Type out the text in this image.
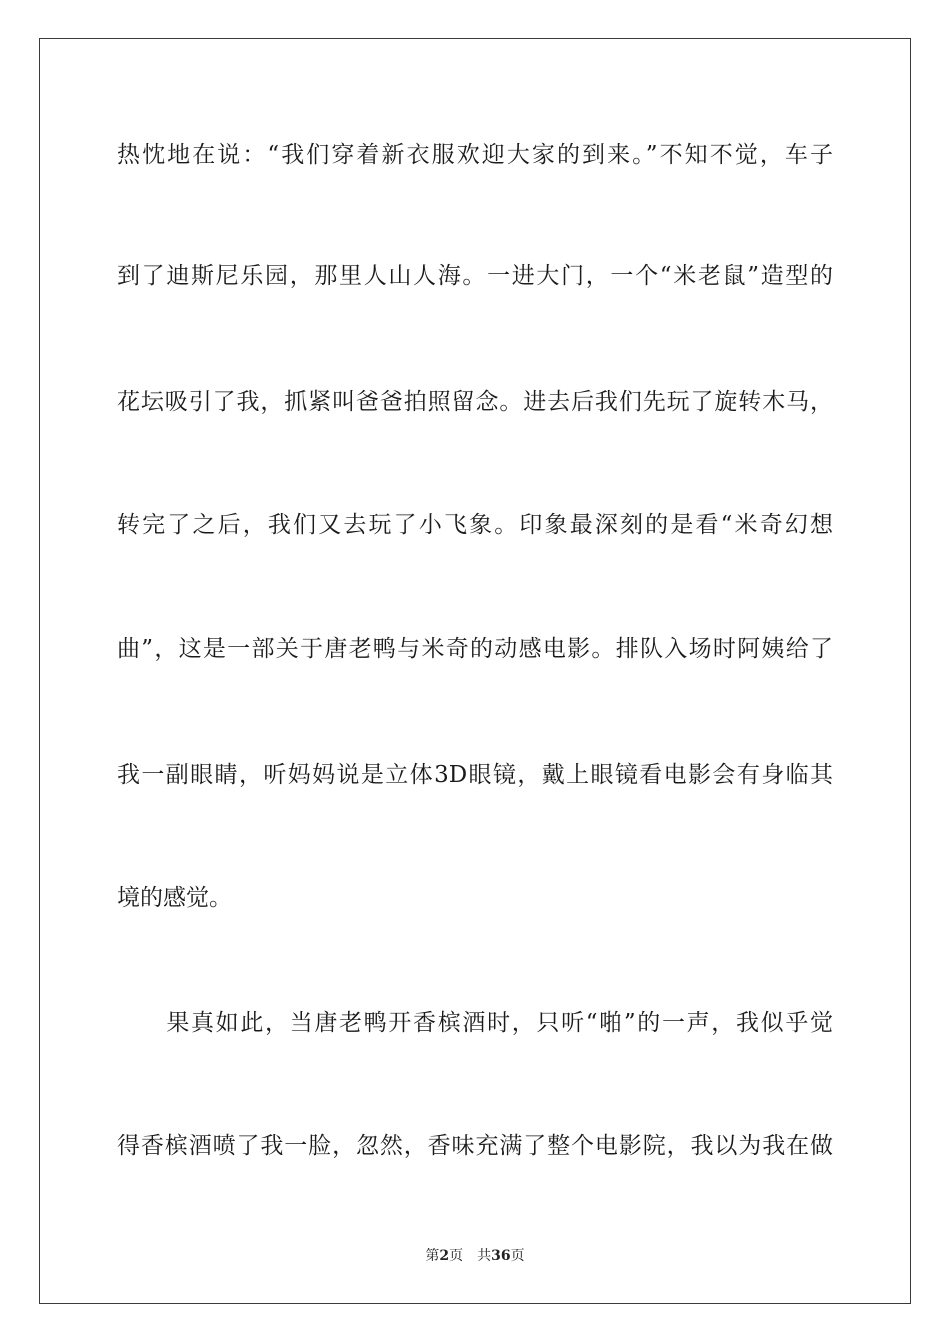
热忱地在说：“我们穿着新衣服欢迎大家的到来。”不知不觉，车子
到了迪斯尼乐园，那里人山人海。一进大门，一个“米老鼠”造型的
花坛吸引了我，抓紧叫爸爸拍照留念。进去后我们先玩了旋转木马，
转完了之后，我们又去玩了小飞象。印象最深刻的是看“米奇幻想
曲”，这是一部关于唐老鸭与米奇的动感电影。排队入场时阿姨给了
我一副眼睛，听妈妈说是立体3D眼镜，戴上眼镜看电影会有身临其
境的感觉。
　　果真如此，当唐老鸭开香槟酒时，只听“啪”的一声，我似乎觉
得香槟酒喷了我一脸，忽然，香味充满了整个电影院，我以为我在做
第2页 共36页
